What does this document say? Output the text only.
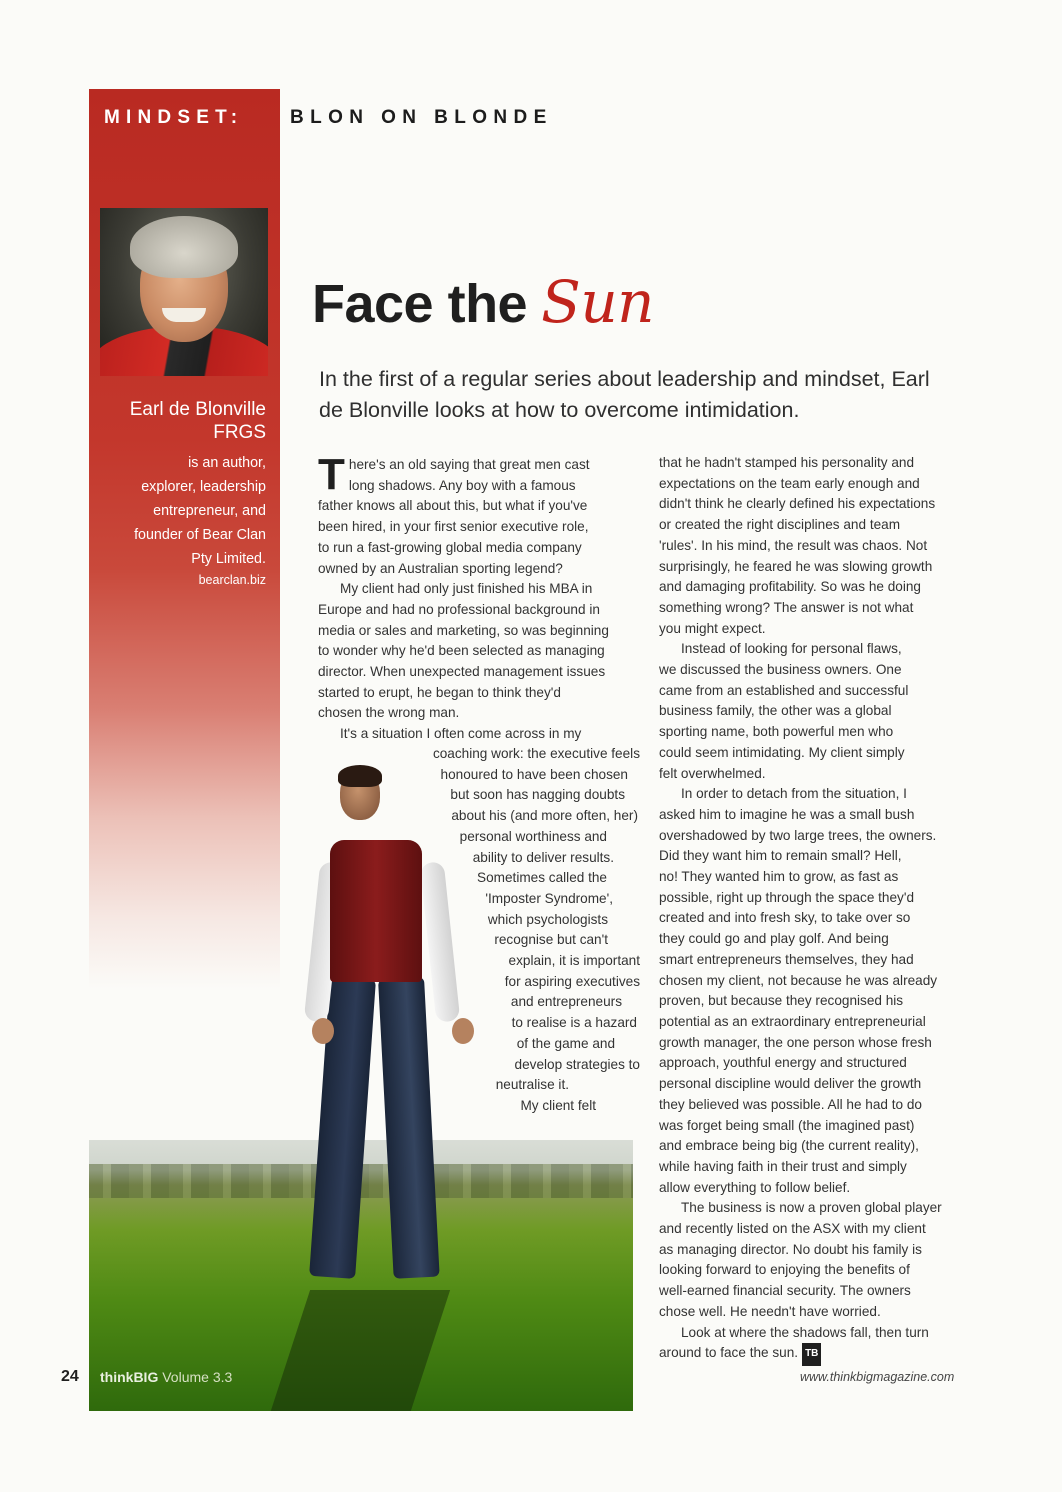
MINDSET: BLON ON BLONDE
Earl de Blonville FRGS
is an author,
explorer, leadership
entrepreneur, and
founder of Bear Clan
Pty Limited.
bearclan.biz
Face the Sun
In the first of a regular series about leadership and mindset, Earl de Blonville looks at how to overcome intimidation.
T here's an old saying that great men cast

long shadows. Any boy with a famous

father knows all about this, but what if you've

been hired, in your first senior executive role,

to run a fast-growing global media company

owned by an Australian sporting legend?

My client had only just finished his MBA in

Europe and had no professional background in

media or sales and marketing, so was beginning

to wonder why he'd been selected as managing

director. When unexpected management issues

started to erupt, he began to think they'd

chosen the wrong man.

It's a situation I often come across in my

coaching work: the executive feels

honoured to have been chosen

but soon has nagging doubts

about his (and more often, her)

personal worthiness and

ability to deliver results.

Sometimes called the

'Imposter Syndrome',

which psychologists

recognise but can't

explain, it is important

for aspiring executives

and entrepreneurs

to realise is a hazard

of the game and

develop strategies to

neutralise it.

My client felt

that he hadn't stamped his personality and

expectations on the team early enough and

didn't think he clearly defined his expectations

or created the right disciplines and team

'rules'. In his mind, the result was chaos. Not

surprisingly, he feared he was slowing growth

and damaging profitability. So was he doing

something wrong? The answer is not what

you might expect.

Instead of looking for personal flaws,

we discussed the business owners. One

came from an established and successful

business family, the other was a global

sporting name, both powerful men who

could seem intimidating. My client simply

felt overwhelmed.

In order to detach from the situation, I

asked him to imagine he was a small bush

overshadowed by two large trees, the owners.

Did they want him to remain small? Hell,

no! They wanted him to grow, as fast as

possible, right up through the space they'd

created and into fresh sky, to take over so

they could go and play golf. And being

smart entrepreneurs themselves, they had

chosen my client, not because he was already

proven, but because they recognised his

potential as an extraordinary entrepreneurial

growth manager, the one person whose fresh

approach, youthful energy and structured

personal discipline would deliver the growth

they believed was possible. All he had to do

was forget being small (the imagined past)

and embrace being big (the current reality),

while having faith in their trust and simply

allow everything to follow belief.

The business is now a proven global player

and recently listed on the ASX with my client

as managing director. No doubt his family is

looking forward to enjoying the benefits of

well-earned financial security. The owners

chose well. He needn't have worried.

Look at where the shadows fall, then turn

around to face the sun. TB

24 thinkBIG Volume 3.3	www.thinkbigmagazine.com
